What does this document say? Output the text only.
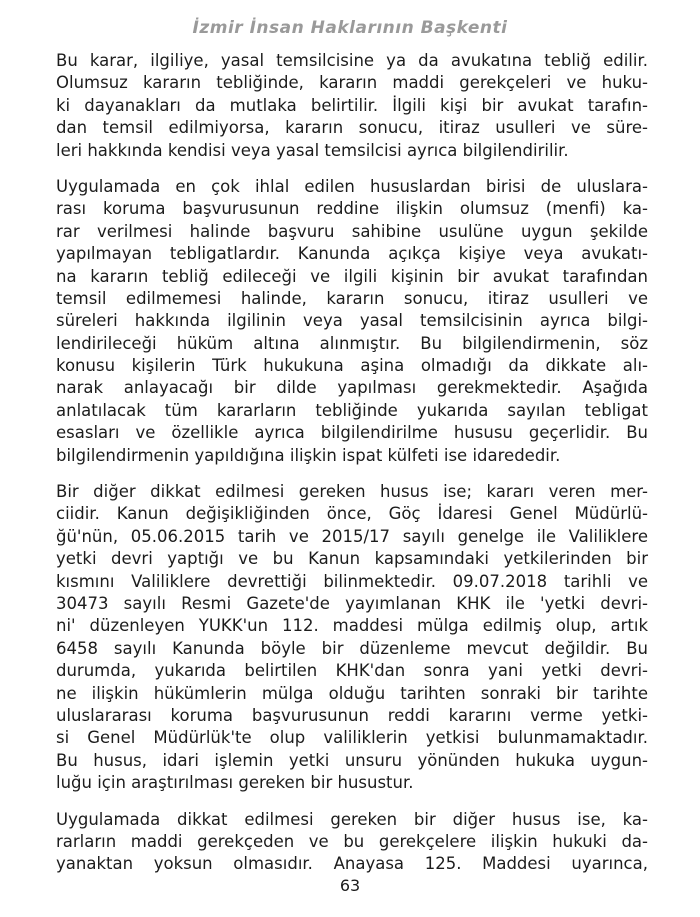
İzmir İnsan Haklarının Başkenti
Bu karar, ilgiliye, yasal temsilcisine ya da avukatına tebliğ edilir.
Olumsuz kararın tebliğinde, kararın maddi gerekçeleri ve huku-
ki dayanakları da mutlaka belirtilir. İlgili kişi bir avukat tarafın-
dan temsil edilmiyorsa, kararın sonucu, itiraz usulleri ve süre-
leri hakkında kendisi veya yasal temsilcisi ayrıca bilgilendirilir.
Uygulamada en çok ihlal edilen hususlardan birisi de uluslara-
rası koruma başvurusunun reddine ilişkin olumsuz (menfi) ka-
rar verilmesi halinde başvuru sahibine usulüne uygun şekilde
yapılmayan tebligatlardır. Kanunda açıkça kişiye veya avukatı-
na kararın tebliğ edileceği ve ilgili kişinin bir avukat tarafından
temsil edilmemesi halinde, kararın sonucu, itiraz usulleri ve
süreleri hakkında ilgilinin veya yasal temsilcisinin ayrıca bilgi-
lendirileceği hüküm altına alınmıştır. Bu bilgilendirmenin, söz
konusu kişilerin Türk hukukuna aşina olmadığı da dikkate alı-
narak anlayacağı bir dilde yapılması gerekmektedir. Aşağıda
anlatılacak tüm kararların tebliğinde yukarıda sayılan tebligat
esasları ve özellikle ayrıca bilgilendirilme hususu geçerlidir. Bu
bilgilendirmenin yapıldığına ilişkin ispat külfeti ise idarededir.
Bir diğer dikkat edilmesi gereken husus ise; kararı veren mer-
ciidir. Kanun değişikliğinden önce, Göç İdaresi Genel Müdürlü-
ğü'nün, 05.06.2015 tarih ve 2015/17 sayılı genelge ile Valiliklere
yetki devri yaptığı ve bu Kanun kapsamındaki yetkilerinden bir
kısmını Valiliklere devrettiği bilinmektedir. 09.07.2018 tarihli ve
30473 sayılı Resmi Gazete'de yayımlanan KHK ile 'yetki devri-
ni' düzenleyen YUKK'un 112. maddesi mülga edilmiş olup, artık
6458 sayılı Kanunda böyle bir düzenleme mevcut değildir. Bu
durumda, yukarıda belirtilen KHK'dan sonra yani yetki devri-
ne ilişkin hükümlerin mülga olduğu tarihten sonraki bir tarihte
uluslararası koruma başvurusunun reddi kararını verme yetki-
si Genel Müdürlük'te olup valiliklerin yetkisi bulunmamaktadır.
Bu husus, idari işlemin yetki unsuru yönünden hukuka uygun-
luğu için araştırılması gereken bir husustur.
Uygulamada dikkat edilmesi gereken bir diğer husus ise, ka-
rarların maddi gerekçeden ve bu gerekçelere ilişkin hukuki da-
yanaktan yoksun olmasıdır. Anayasa 125. Maddesi uyarınca,
63
